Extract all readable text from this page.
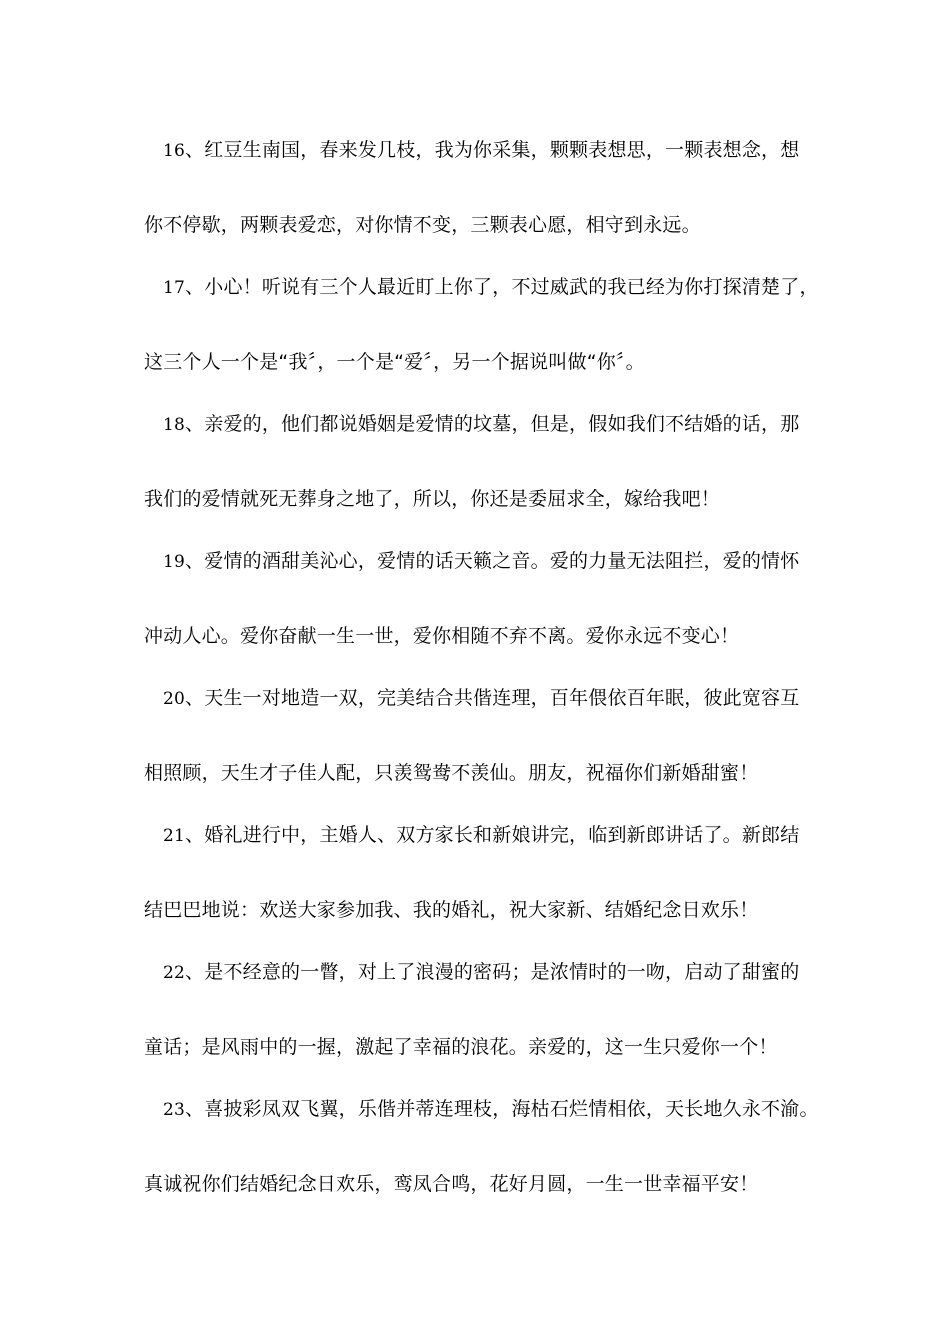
16、红豆生南国，春来发几枝，我为你采集，颗颗表想思，一颗表想念，想
你不停歇，两颗表爱恋，对你情不变，三颗表心愿，相守到永远。
17、小心！听说有三个人最近盯上你了，不过威武的我已经为你打探清楚了，
这三个人一个是“我〞，一个是“爱〞，另一个据说叫做“你〞。
18、亲爱的，他们都说婚姻是爱情的坟墓，但是，假如我们不结婚的话，那
我们的爱情就死无葬身之地了，所以，你还是委屈求全，嫁给我吧！
19、爱情的酒甜美沁心，爱情的话天籁之音。爱的力量无法阻拦，爱的情怀
冲动人心。爱你奋献一生一世，爱你相随不弃不离。爱你永远不变心！
20、天生一对地造一双，完美结合共偕连理，百年偎依百年眠，彼此宽容互
相照顾，天生才子佳人配，只羡鸳鸯不羡仙。朋友，祝福你们新婚甜蜜！
21、婚礼进行中，主婚人、双方家长和新娘讲完，临到新郎讲话了。新郎结
结巴巴地说：欢送大家参加我、我的婚礼，祝大家新、结婚纪念日欢乐！
22、是不经意的一瞥，对上了浪漫的密码；是浓情时的一吻，启动了甜蜜的
童话；是风雨中的一握，激起了幸福的浪花。亲爱的，这一生只爱你一个！
23、喜披彩凤双飞翼，乐偕并蒂连理枝，海枯石烂情相依，天长地久永不渝。
真诚祝你们结婚纪念日欢乐，鸾凤合鸣，花好月圆，一生一世幸福平安！
